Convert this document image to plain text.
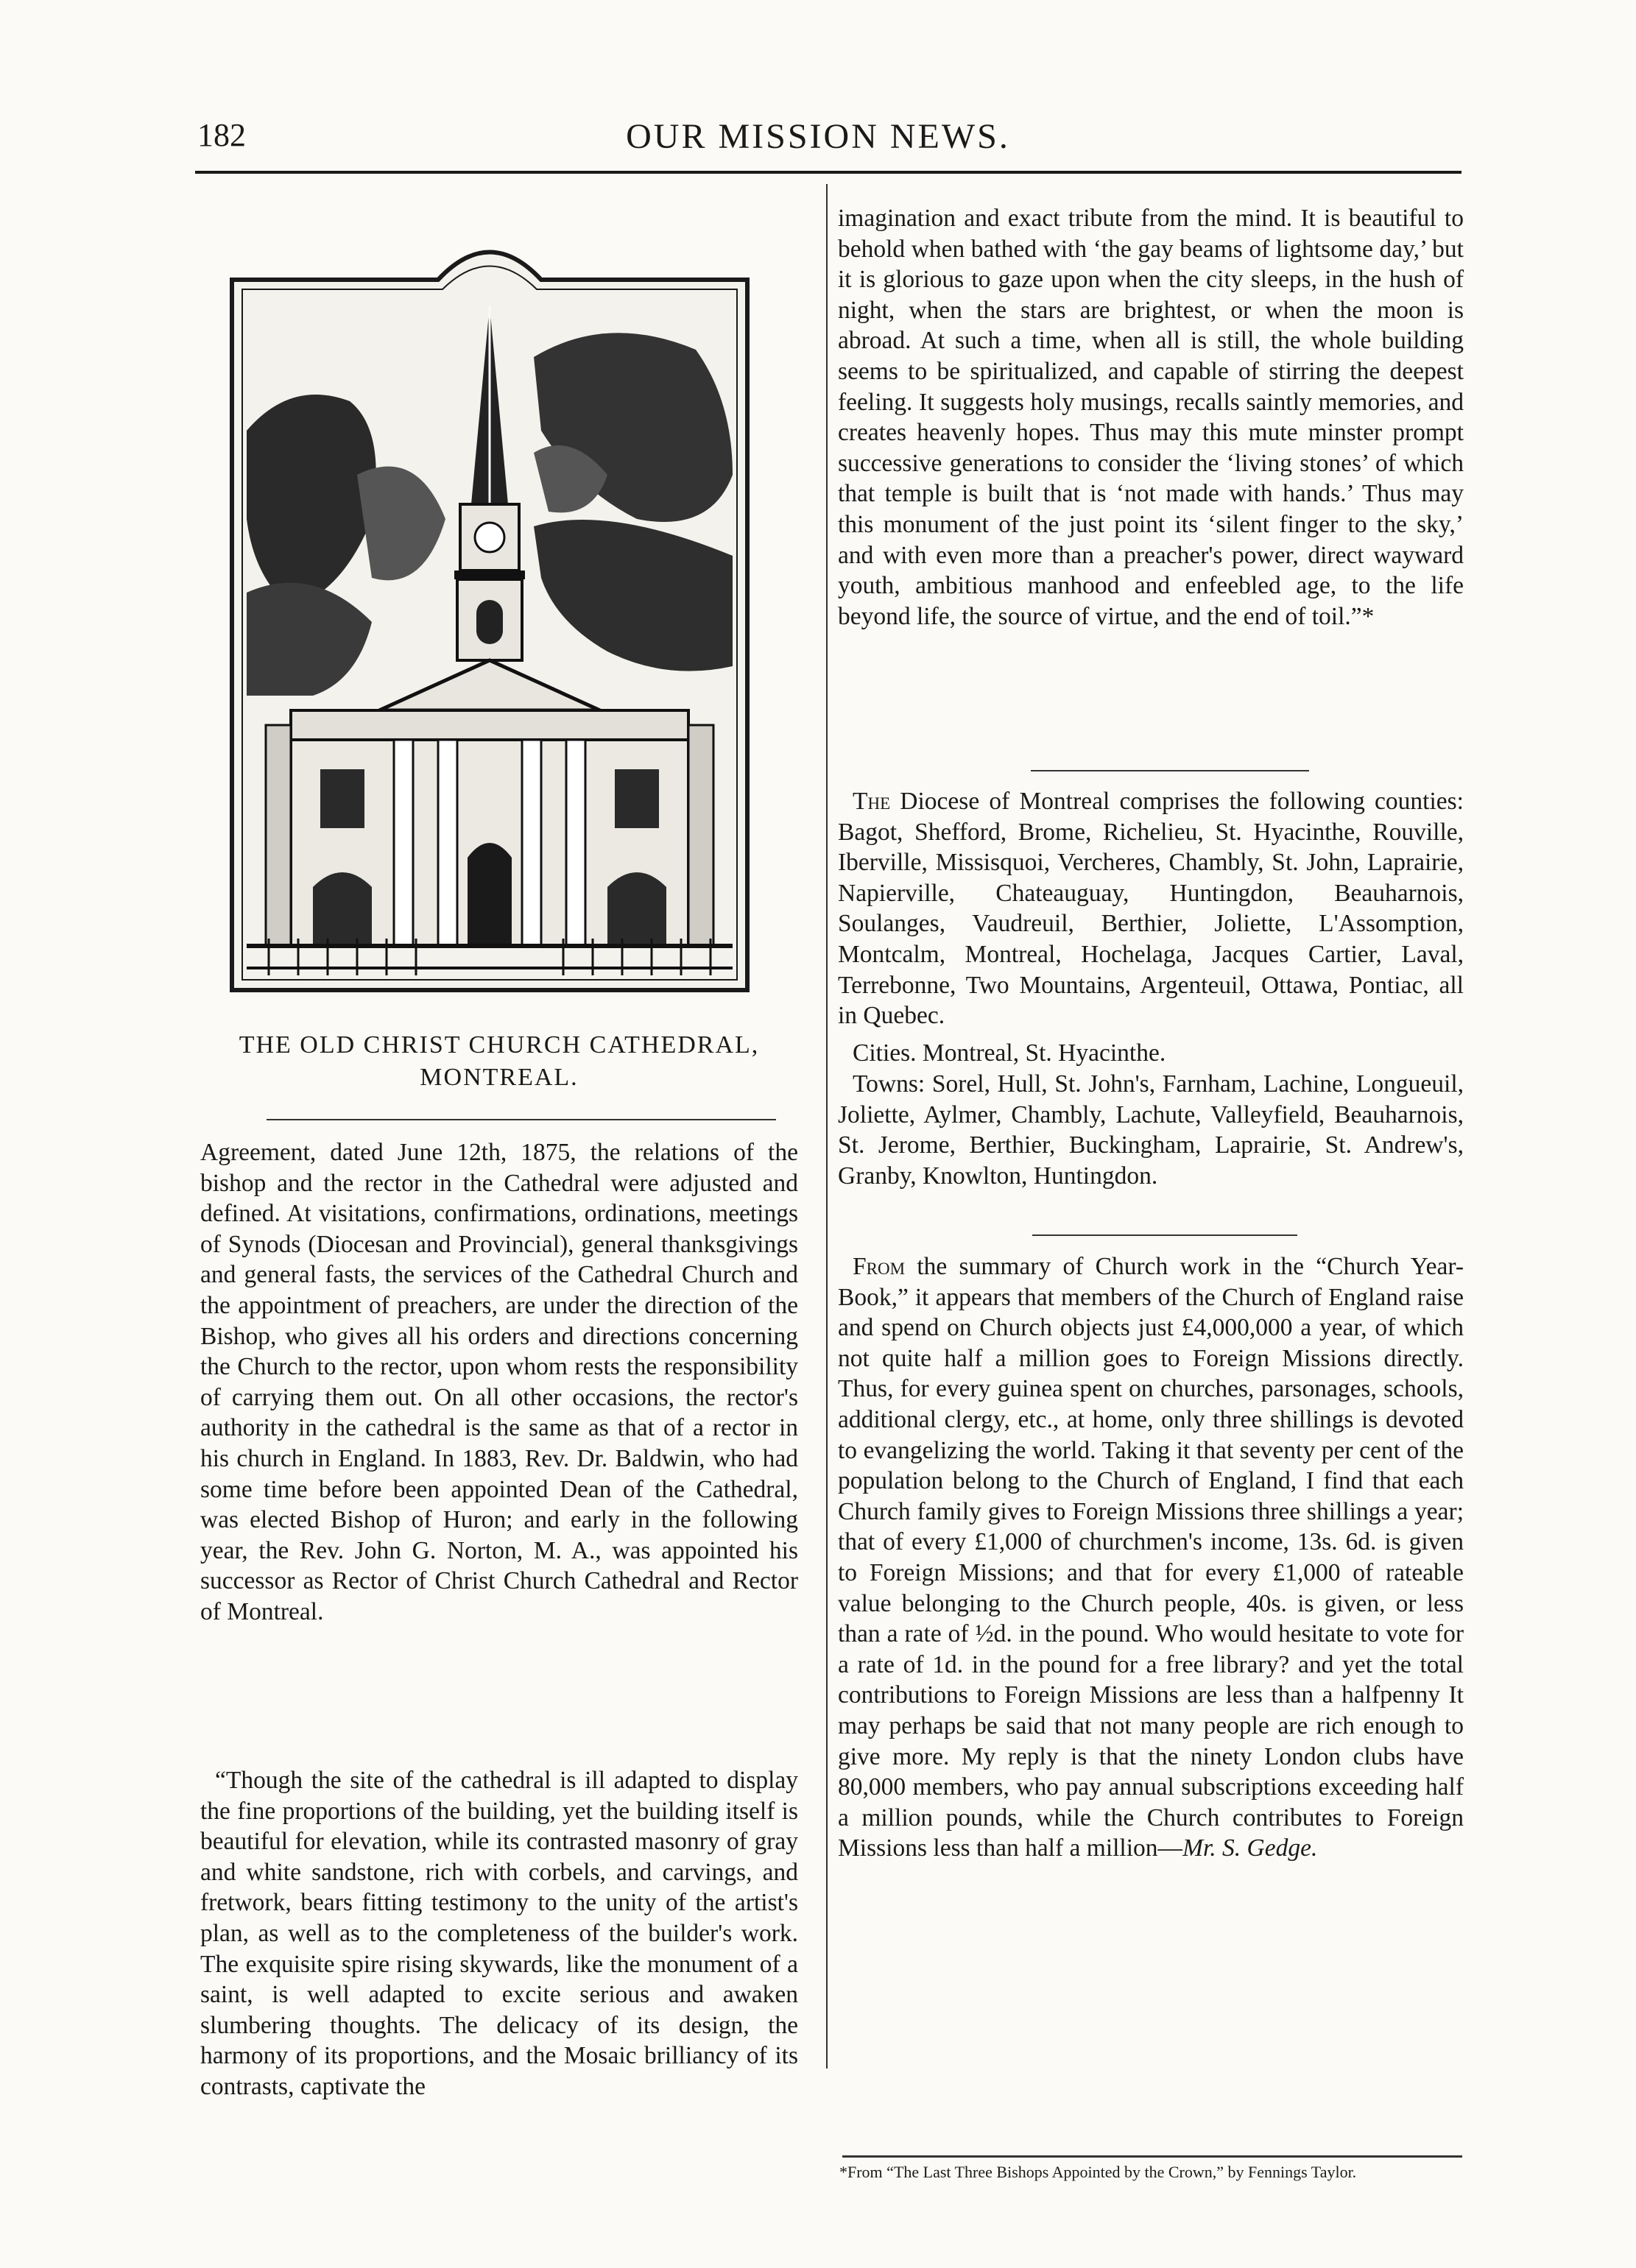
182	OUR MISSION NEWS.
THE OLD CHRIST CHURCH CATHEDRAL,
MONTREAL.

Agreement, dated June 12th, 1875, the relations of the bishop and the rector in the Cathedral were adjusted and defined. At visitations, confirmations, ordinations, meetings of Synods (Diocesan and Provincial), general thanksgivings and general fasts, the services of the Cathedral Church and the appointment of preachers, are under the direction of the Bishop, who gives all his orders and directions concerning the Church to the rector, upon whom rests the responsibility of carrying them out. On all other occasions, the rector's authority in the cathedral is the same as that of a rector in his church in England. In 1883, Rev. Dr. Baldwin, who had some time before been appointed Dean of the Cathedral, was elected Bishop of Huron; and early in the following year, the Rev. John G. Norton, M. A., was appointed his successor as Rector of Christ Church Cathedral and Rector of Montreal.

“Though the site of the cathedral is ill adapted to display the fine proportions of the building, yet the building itself is beautiful for elevation, while its contrasted masonry of gray and white sandstone, rich with corbels, and carvings, and fretwork, bears fitting testimony to the unity of the artist's plan, as well as to the completeness of the builder's work. The exquisite spire rising skywards, like the monument of a saint, is well adapted to excite serious and awaken slumbering thoughts. The delicacy of its design, the harmony of its proportions, and the Mosaic brilliancy of its contrasts, captivate the

imagination and exact tribute from the mind. It is beautiful to behold when bathed with ‘the gay beams of lightsome day,’ but it is glorious to gaze upon when the city sleeps, in the hush of night, when the stars are brightest, or when the moon is abroad. At such a time, when all is still, the whole building seems to be spiritualized, and capable of stirring the deepest feeling. It suggests holy musings, recalls saintly memories, and creates heavenly hopes. Thus may this mute minster prompt successive generations to consider the ‘living stones’ of which that temple is built that is ‘not made with hands.’ Thus may this monument of the just point its ‘silent finger to the sky,’ and with even more than a preacher's power, direct wayward youth, ambitious manhood and enfeebled age, to the life beyond life, the source of virtue, and the end of toil.”*

The Diocese of Montreal comprises the following counties: Bagot, Shefford, Brome, Richelieu, St. Hyacinthe, Rouville, Iberville, Missisquoi, Vercheres, Chambly, St. John, Laprairie, Napierville, Chateauguay, Huntingdon, Beauharnois, Soulanges, Vaudreuil, Berthier, Joliette, L'Assomption, Montcalm, Montreal, Hochelaga, Jacques Cartier, Laval, Terrebonne, Two Mountains, Argenteuil, Ottawa, Pontiac, all in Quebec.

Cities. Montreal, St. Hyacinthe.

Towns: Sorel, Hull, St. John's, Farnham, Lachine, Longueuil, Joliette, Aylmer, Chambly, Lachute, Valleyfield, Beauharnois, St. Jerome, Berthier, Buckingham, Laprairie, St. Andrew's, Granby, Knowlton, Huntingdon.

From the summary of Church work in the “Church Year-Book,” it appears that members of the Church of England raise and spend on Church objects just £4,000,000 a year, of which not quite half a million goes to Foreign Missions directly. Thus, for every guinea spent on churches, parsonages, schools, additional clergy, etc., at home, only three shillings is devoted to evangelizing the world. Taking it that seventy per cent of the population belong to the Church of England, I find that each Church family gives to Foreign Missions three shillings a year; that of every £1,000 of churchmen's income, 13s. 6d. is given to Foreign Missions; and that for every £1,000 of rateable value belonging to the Church people, 40s. is given, or less than a rate of ½d. in the pound. Who would hesitate to vote for a rate of 1d. in the pound for a free library? and yet the total contributions to Foreign Missions are less than a halfpenny It may perhaps be said that not many people are rich enough to give more. My reply is that the ninety London clubs have 80,000 members, who pay annual subscriptions exceeding half a million pounds, while the Church contributes to Foreign Missions less than half a million—Mr. S. Gedge.

*From “The Last Three Bishops Appointed by the Crown,” by Fennings Taylor.
